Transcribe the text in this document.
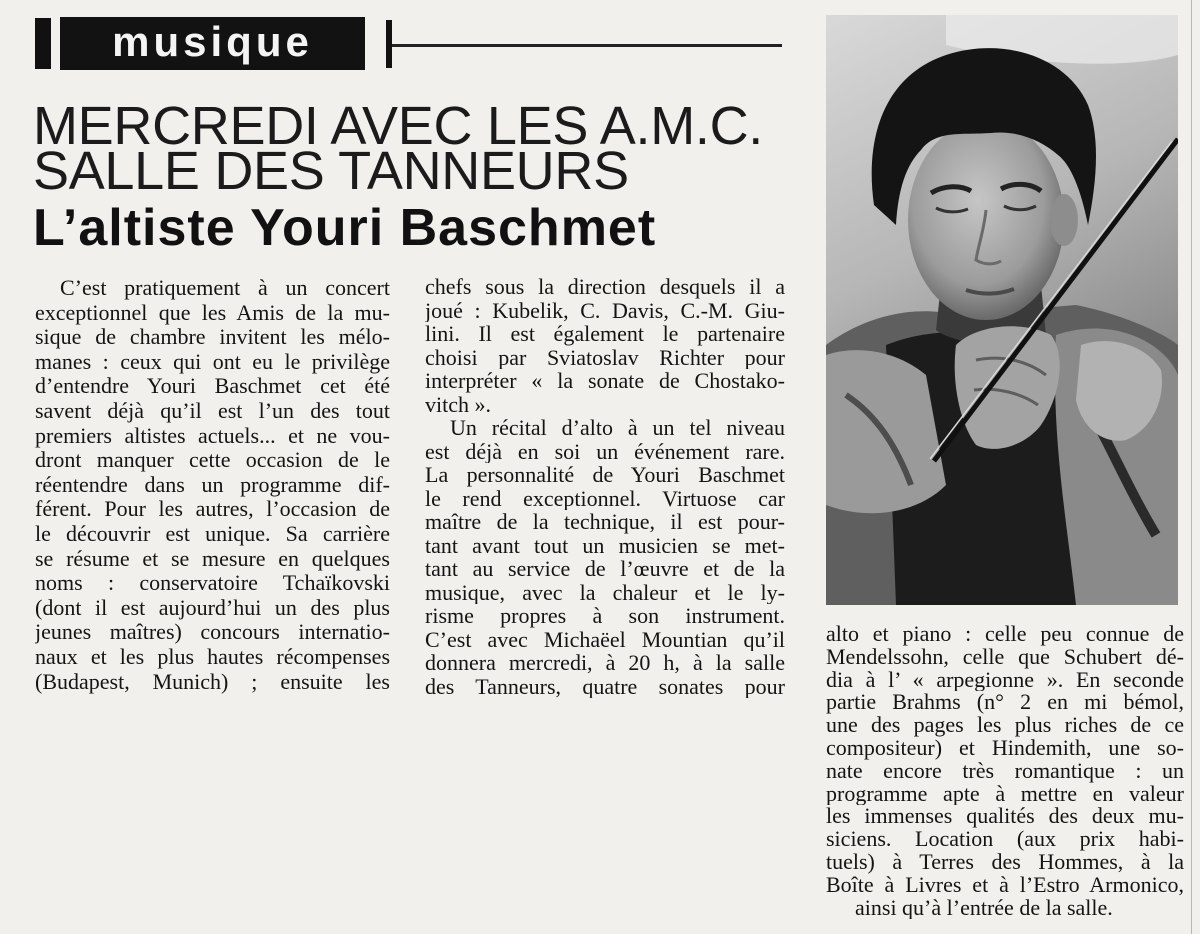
musique
MERCREDI AVEC LES A.M.C.
SALLE DES TANNEURS
L’altiste Youri Baschmet
C’est pratiquement à un concert
exceptionnel que les Amis de la mu-
sique de chambre invitent les mélo-
manes : ceux qui ont eu le privilège
d’entendre Youri Baschmet cet été
savent déjà qu’il est l’un des tout
premiers altistes actuels... et ne vou-
dront manquer cette occasion de le
réentendre dans un programme dif-
férent. Pour les autres, l’occasion de
le découvrir est unique. Sa carrière
se résume et se mesure en quelques
noms : conservatoire Tchaïkovski
(dont il est aujourd’hui un des plus
jeunes maîtres) concours internatio-
naux et les plus hautes récompenses
(Budapest, Munich) ; ensuite les
chefs sous la direction desquels il a
joué : Kubelik, C. Davis, C.-M. Giu-
lini. Il est également le partenaire
choisi par Sviatoslav Richter pour
interpréter « la sonate de Chostako-
vitch ».
Un récital d’alto à un tel niveau
est déjà en soi un événement rare.
La personnalité de Youri Baschmet
le rend exceptionnel. Virtuose car
maître de la technique, il est pour-
tant avant tout un musicien se met-
tant au service de l’œuvre et de la
musique, avec la chaleur et le ly-
risme propres à son instrument.
C’est avec Michaëel Mountian qu’il
donnera mercredi, à 20 h, à la salle
des Tanneurs, quatre sonates pour
alto et piano : celle peu connue de
Mendelssohn, celle que Schubert dé-
dia à l’ « arpegionne ». En seconde
partie Brahms (n° 2 en mi bémol,
une des pages les plus riches de ce
compositeur) et Hindemith, une so-
nate encore très romantique : un
programme apte à mettre en valeur
les immenses qualités des deux mu-
siciens. Location (aux prix habi-
tuels) à Terres des Hommes, à la
Boîte à Livres et à l’Estro Armonico,
ainsi qu’à l’entrée de la salle.
